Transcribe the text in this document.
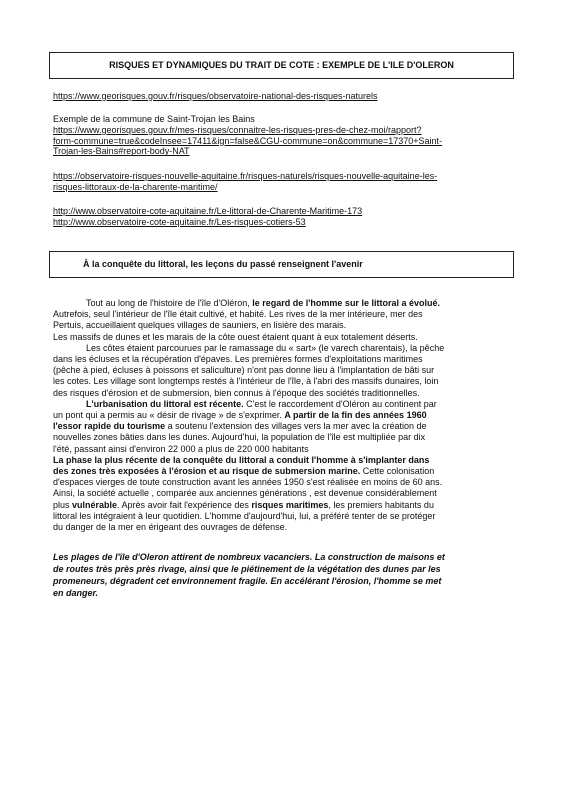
RISQUES ET DYNAMIQUES DU TRAIT DE COTE : EXEMPLE DE L'ILE D'OLERON
https://www.georisques.gouv.fr/risques/observatoire-national-des-risques-naturels
Exemple de la commune de Saint-Trojan les Bains
https://www.georisques.gouv.fr/mes-risques/connaitre-les-risques-pres-de-chez-moi/rapport?
form-commune=true&codeInsee=17411&ign=false&CGU-commune=on&commune=17370+Saint-
Trojan-les-Bains#report-body-NAT
https://observatoire-risques-nouvelle-aquitaine.fr/risques-naturels/risques-nouvelle-aquitaine-les-
risques-littoraux-de-la-charente-maritime/
http://www.observatoire-cote-aquitaine.fr/Le-littoral-de-Charente-Maritime-173
http://www.observatoire-cote-aquitaine.fr/Les-risques-cotiers-53
À la conquête du littoral, les leçons du passé renseignent l'avenir
Tout au long de l'histoire de l'île d'Oléron, le regard de l'homme sur le littoral a évolué.
Autrefois, seul l'intérieur de l'île était cultivé, et habité. Les rives de la mer intérieure, mer des
Pertuis, accueillaient quelques villages de sauniers, en lisière des marais.
Les massifs de dunes et les marais de la côte ouest étaient quant à eux totalement déserts.
Les côtes étaient parcourues par le ramassage du « sart» (le varech charentais), la pêche
dans les écluses et la récupération d'épaves. Les premières formes d'exploitations maritimes
(pêche à pied, écluses à poissons et saliculture) n'ont pas donne lieu à l'implantation de bâti sur
les cotes. Les village sont longtemps restés à l'intérieur de l'île, à l'abri des massifs dunaires, loin
des risques d'érosion et de submersion, bien connus à l'époque des sociétés traditionnelles.
L'urbanisation du littoral est récente. C'est le raccordement d'Oléron au continent par
un pont qui a permis au « désir de rivage » de s'exprimer. A partir de la fin des années 1960
l'essor rapide du tourisme a soutenu l'extension des villages vers la mer avec la création de
nouvelles zones bâties dans les dunes. Aujourd'hui, la population de l'île est multipliée par dix
l'été, passant ainsi d'environ 22 000 a plus de 220 000 habitants
La phase la plus récente de la conquête du littoral a conduit l'homme à s'implanter dans
des zones très exposées à l'érosion et au risque de submersion marine. Cette colonisation
d'espaces vierges de toute construction avant les années 1950 s'est réalisée en moins de 60 ans.
Ainsi, la société actuelle , comparée aux anciennes générations , est devenue considérablement
plus vulnérable. Après avoir fait l'expérience des risques maritimes, les premiers habitants du
littoral les intégraient à leur quotidien. L'homme d'aujourd'hui, lui, a préféré tenter de se protéger
du danger de la mer en érigeant des ouvrages de défense.
Les plages de l'île d'Oleron attirent de nombreux vacanciers. La construction de maisons et
de routes très près près rivage, ainsi que le piétinement de la végétation des dunes par les
promeneurs, dégradent cet environnement fragile. En accélérant l'érosion, l'homme se met
en danger.
